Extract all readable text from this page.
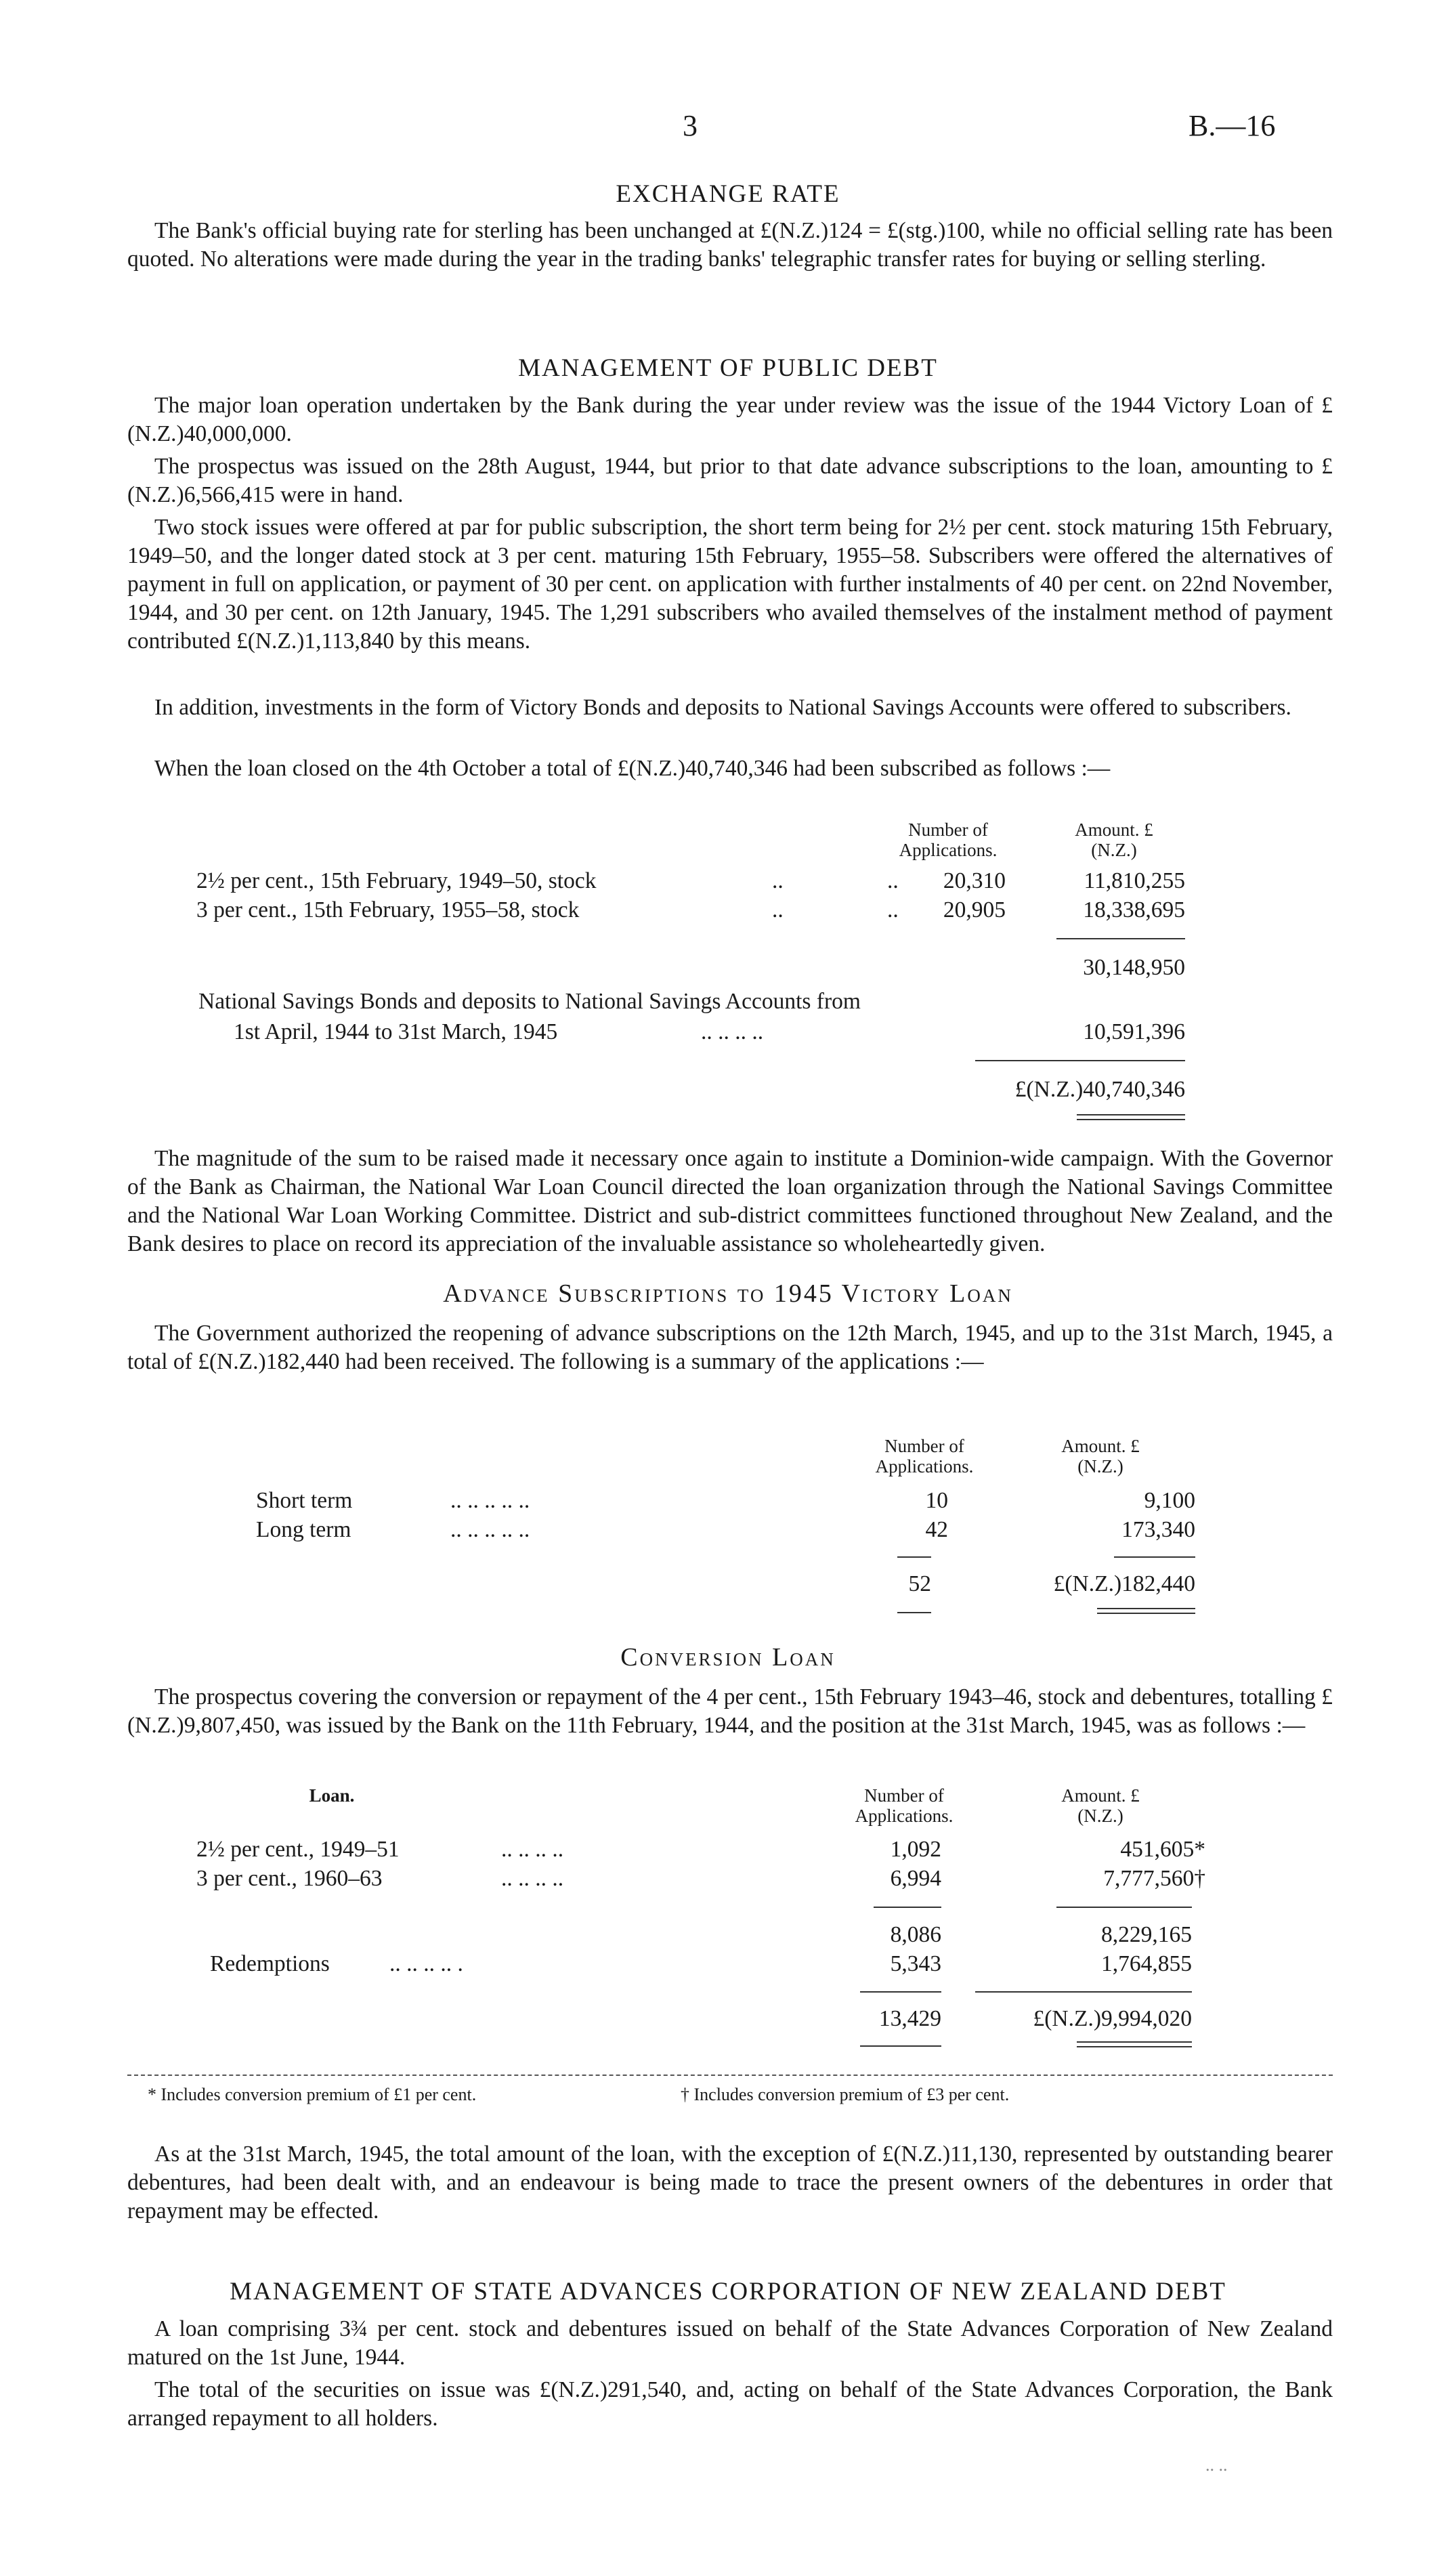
3	B.—16
EXCHANGE RATE

The Bank's official buying rate for sterling has been unchanged at £(N.Z.)124 = £(stg.)100, while no official selling rate has been quoted. No alterations were made during the year in the trading banks' telegraphic transfer rates for buying or selling sterling.

MANAGEMENT OF PUBLIC DEBT

The major loan operation undertaken by the Bank during the year under review was the issue of the 1944 Victory Loan of £(N.Z.)40,000,000.

The prospectus was issued on the 28th August, 1944, but prior to that date advance subscriptions to the loan, amounting to £(N.Z.)6,566,415 were in hand.

Two stock issues were offered at par for public subscription, the short term being for 2½ per cent. stock maturing 15th February, 1949–50, and the longer dated stock at 3 per cent. maturing 15th February, 1955–58. Subscribers were offered the alternatives of payment in full on application, or payment of 30 per cent. on application with further instalments of 40 per cent. on 22nd November, 1944, and 30 per cent. on 12th January, 1945. The 1,291 subscribers who availed themselves of the instalment method of payment contributed £(N.Z.)1,113,840 by this means.

In addition, investments in the form of Victory Bonds and deposits to National Savings Accounts were offered to subscribers.

When the loan closed on the 4th October a total of £(N.Z.)40,740,346 had been subscribed as follows :—

Number of Applications.
Amount. £(N.Z.)
2½ per cent., 15th February, 1949–50, stock	..	..	20,310	11,810,255
3 per cent., 15th February, 1955–58, stock	..	..	20,905	18,338,695
30,148,950
National Savings Bonds and deposits to National Savings Accounts from
1st April, 1944 to 31st March, 1945	.. .. .. ..	10,591,396
£(N.Z.)40,740,346

The magnitude of the sum to be raised made it necessary once again to institute a Dominion-wide campaign. With the Governor of the Bank as Chairman, the National War Loan Council directed the loan organization through the National Savings Committee and the National War Loan Working Committee. District and sub-district committees functioned throughout New Zealand, and the Bank desires to place on record its appreciation of the invaluable assistance so wholeheartedly given.

Advance Subscriptions to 1945 Victory Loan

The Government authorized the reopening of advance subscriptions on the 12th March, 1945, and up to the 31st March, 1945, a total of £(N.Z.)182,440 had been received. The following is a summary of the applications :—

Number of Applications.
Amount. £(N.Z.)
Short term	.. .. .. .. ..	10	9,100
Long term	.. .. .. .. ..	42	173,340
52	£(N.Z.)182,440
Conversion Loan

The prospectus covering the conversion or repayment of the 4 per cent., 15th February 1943–46, stock and debentures, totalling £(N.Z.)9,807,450, was issued by the Bank on the 11th February, 1944, and the position at the 31st March, 1945, was as follows :—

Loan.	Number of Applications.
Amount. £(N.Z.)
2½ per cent., 1949–51	.. .. .. ..	1,092	451,605*
3 per cent., 1960–63	.. .. .. ..	6,994	7,777,560†
8,086	8,229,165
Redemptions	.. .. .. .. .	5,343	1,764,855
13,429	£(N.Z.)9,994,020
* Includes conversion premium of £1 per cent.	† Includes conversion premium of £3 per cent.

As at the 31st March, 1945, the total amount of the loan, with the exception of £(N.Z.)11,130, represented by outstanding bearer debentures, had been dealt with, and an endeavour is being made to trace the present owners of the debentures in order that repayment may be effected.

MANAGEMENT OF STATE ADVANCES CORPORATION OF NEW ZEALAND DEBT

A loan comprising 3¾ per cent. stock and debentures issued on behalf of the State Advances Corporation of New Zealand matured on the 1st June, 1944.

The total of the securities on issue was £(N.Z.)291,540, and, acting on behalf of the State Advances Corporation, the Bank arranged repayment to all holders.

.. ..
